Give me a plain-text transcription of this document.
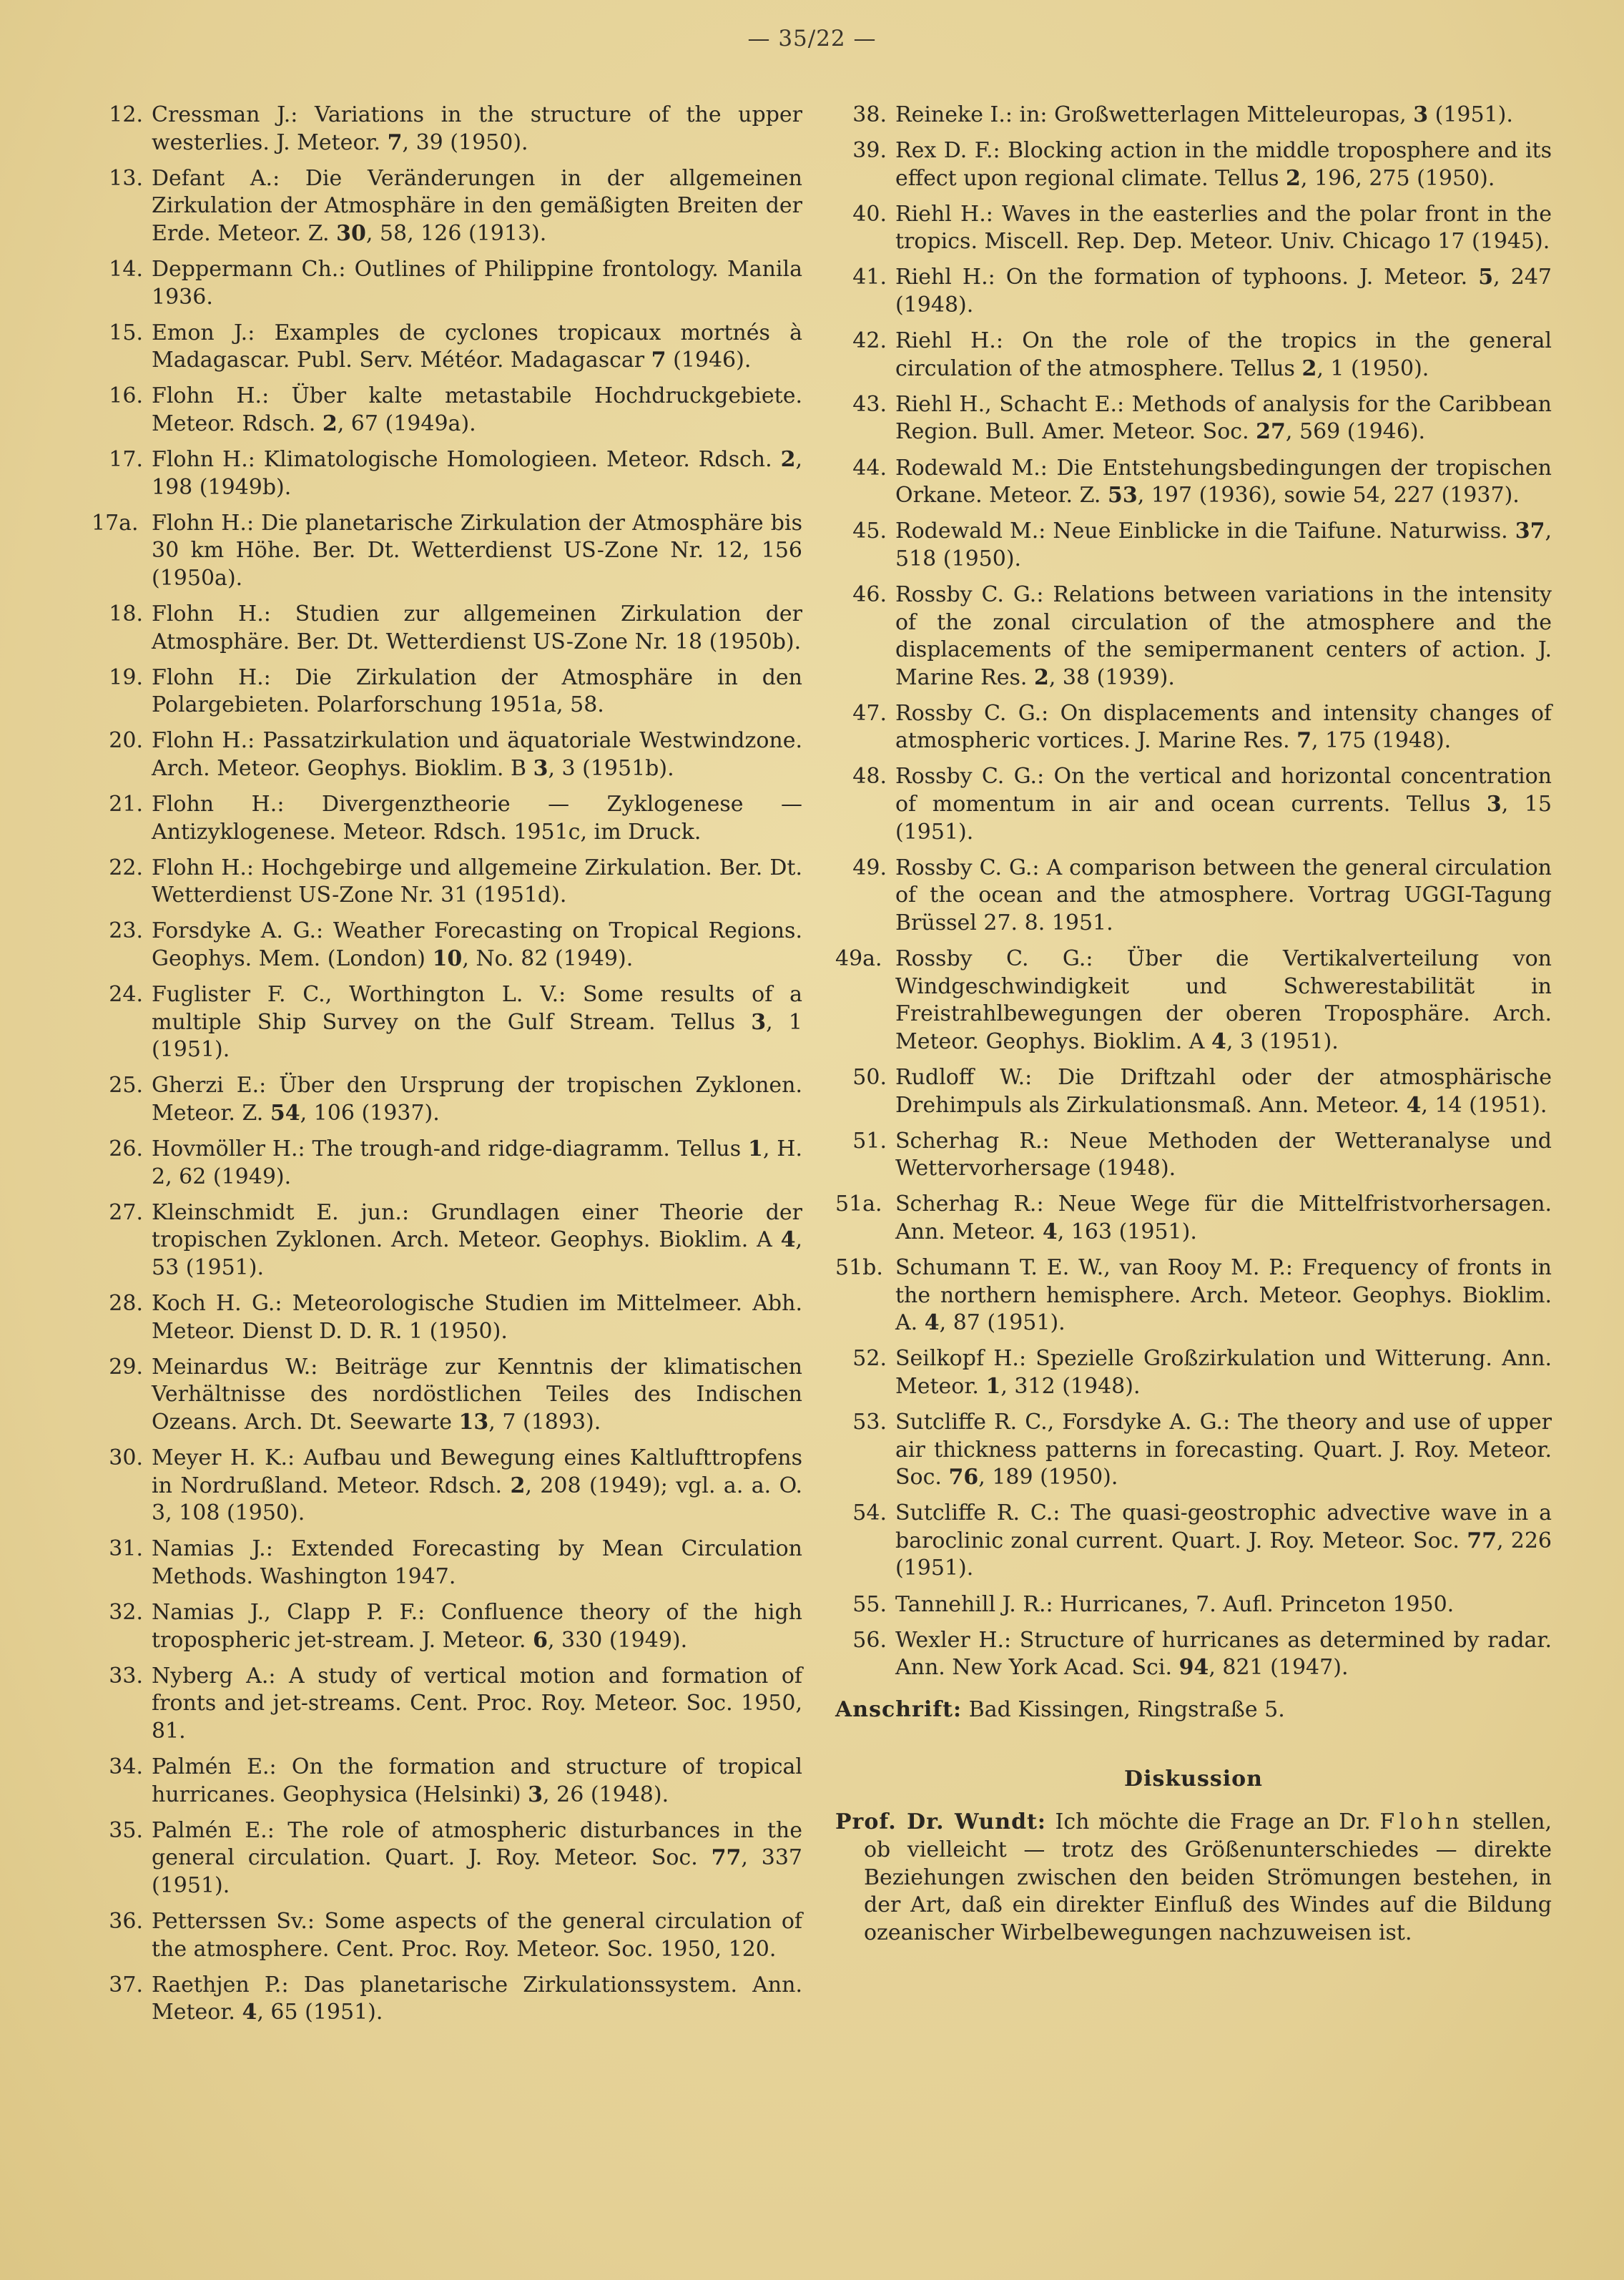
— 35/22 —
12. Cressman J.: Variations in the structure of the upper westerlies. J. Meteor. 7, 39 (1950).
13. Defant A.: Die Veränderungen in der allgemeinen Zirkulation der Atmosphäre in den gemäßigten Breiten der Erde. Meteor. Z. 30, 58, 126 (1913).
14. Deppermann Ch.: Outlines of Philippine frontology. Manila 1936.
15. Emon J.: Examples de cyclones tropicaux mortnés à Madagascar. Publ. Serv. Météor. Madagascar 7 (1946).
16. Flohn H.: Über kalte metastabile Hochdruckgebiete. Meteor. Rdsch. 2, 67 (1949a).
17. Flohn H.: Klimatologische Homologieen. Meteor. Rdsch. 2, 198 (1949b).
17a. Flohn H.: Die planetarische Zirkulation der Atmosphäre bis 30 km Höhe. Ber. Dt. Wetterdienst US-Zone Nr. 12, 156 (1950a).
18. Flohn H.: Studien zur allgemeinen Zirkulation der Atmosphäre. Ber. Dt. Wetterdienst US-Zone Nr. 18 (1950b).
19. Flohn H.: Die Zirkulation der Atmosphäre in den Polargebieten. Polarforschung 1951a, 58.
20. Flohn H.: Passatzirkulation und äquatoriale Westwindzone. Arch. Meteor. Geophys. Bioklim. B 3, 3 (1951b).
21. Flohn H.: Divergenztheorie — Zyklogenese — Antizyklogenese. Meteor. Rdsch. 1951c, im Druck.
22. Flohn H.: Hochgebirge und allgemeine Zirkulation. Ber. Dt. Wetterdienst US-Zone Nr. 31 (1951d).
23. Forsdyke A. G.: Weather Forecasting on Tropical Regions. Geophys. Mem. (London) 10, No. 82 (1949).
24. Fuglister F. C., Worthington L. V.: Some results of a multiple Ship Survey on the Gulf Stream. Tellus 3, 1 (1951).
25. Gherzi E.: Über den Ursprung der tropischen Zyklonen. Meteor. Z. 54, 106 (1937).
26. Hovmöller H.: The trough-and ridge-diagramm. Tellus 1, H. 2, 62 (1949).
27. Kleinschmidt E. jun.: Grundlagen einer Theorie der tropischen Zyklonen. Arch. Meteor. Geophys. Bioklim. A 4, 53 (1951).
28. Koch H. G.: Meteorologische Studien im Mittelmeer. Abh. Meteor. Dienst D. D. R. 1 (1950).
29. Meinardus W.: Beiträge zur Kenntnis der klimatischen Verhältnisse des nordöstlichen Teiles des Indischen Ozeans. Arch. Dt. Seewarte 13, 7 (1893).
30. Meyer H. K.: Aufbau und Bewegung eines Kaltlufttropfens in Nordrußland. Meteor. Rdsch. 2, 208 (1949); vgl. a. a. O. 3, 108 (1950).
31. Namias J.: Extended Forecasting by Mean Circulation Methods. Washington 1947.
32. Namias J., Clapp P. F.: Confluence theory of the high tropospheric jet-stream. J. Meteor. 6, 330 (1949).
33. Nyberg A.: A study of vertical motion and formation of fronts and jet-streams. Cent. Proc. Roy. Meteor. Soc. 1950, 81.
34. Palmén E.: On the formation and structure of tropical hurricanes. Geophysica (Helsinki) 3, 26 (1948).
35. Palmén E.: The role of atmospheric disturbances in the general circulation. Quart. J. Roy. Meteor. Soc. 77, 337 (1951).
36. Petterssen Sv.: Some aspects of the general circulation of the atmosphere. Cent. Proc. Roy. Meteor. Soc. 1950, 120.
37. Raethjen P.: Das planetarische Zirkulationssystem. Ann. Meteor. 4, 65 (1951).
38. Reineke I.: in: Großwetterlagen Mitteleuropas, 3 (1951).
39. Rex D. F.: Blocking action in the middle troposphere and its effect upon regional climate. Tellus 2, 196, 275 (1950).
40. Riehl H.: Waves in the easterlies and the polar front in the tropics. Miscell. Rep. Dep. Meteor. Univ. Chicago 17 (1945).
41. Riehl H.: On the formation of typhoons. J. Meteor. 5, 247 (1948).
42. Riehl H.: On the role of the tropics in the general circulation of the atmosphere. Tellus 2, 1 (1950).
43. Riehl H., Schacht E.: Methods of analysis for the Caribbean Region. Bull. Amer. Meteor. Soc. 27, 569 (1946).
44. Rodewald M.: Die Entstehungsbedingungen der tropischen Orkane. Meteor. Z. 53, 197 (1936), sowie 54, 227 (1937).
45. Rodewald M.: Neue Einblicke in die Taifune. Naturwiss. 37, 518 (1950).
46. Rossby C. G.: Relations between variations in the intensity of the zonal circulation of the atmosphere and the displacements of the semipermanent centers of action. J. Marine Res. 2, 38 (1939).
47. Rossby C. G.: On displacements and intensity changes of atmospheric vortices. J. Marine Res. 7, 175 (1948).
48. Rossby C. G.: On the vertical and horizontal concentration of momentum in air and ocean currents. Tellus 3, 15 (1951).
49. Rossby C. G.: A comparison between the general circulation of the ocean and the atmosphere. Vortrag UGGI-Tagung Brüssel 27. 8. 1951.
49a. Rossby C. G.: Über die Vertikalverteilung von Windgeschwindigkeit und Schwerestabilität in Freistrahlbewegungen der oberen Troposphäre. Arch. Meteor. Geophys. Bioklim. A 4, 3 (1951).
50. Rudloff W.: Die Driftzahl oder der atmosphärische Drehimpuls als Zirkulationsmaß. Ann. Meteor. 4, 14 (1951).
51. Scherhag R.: Neue Methoden der Wetteranalyse und Wettervorhersage (1948).
51a. Scherhag R.: Neue Wege für die Mittelfristvorhersagen. Ann. Meteor. 4, 163 (1951).
51b. Schumann T. E. W., van Rooy M. P.: Frequency of fronts in the northern hemisphere. Arch. Meteor. Geophys. Bioklim. A. 4, 87 (1951).
52. Seilkopf H.: Spezielle Großzirkulation und Witterung. Ann. Meteor. 1, 312 (1948).
53. Sutcliffe R. C., Forsdyke A. G.: The theory and use of upper air thickness patterns in forecasting. Quart. J. Roy. Meteor. Soc. 76, 189 (1950).
54. Sutcliffe R. C.: The quasi-geostrophic advective wave in a baroclinic zonal current. Quart. J. Roy. Meteor. Soc. 77, 226 (1951).
55. Tannehill J. R.: Hurricanes, 7. Aufl. Princeton 1950.
56. Wexler H.: Structure of hurricanes as determined by radar. Ann. New York Acad. Sci. 94, 821 (1947).
Anschrift: Bad Kissingen, Ringstraße 5.
Diskussion
Prof. Dr. Wundt: Ich möchte die Frage an Dr. Flohn stellen, ob vielleicht — trotz des Größenunterschiedes — direkte Beziehungen zwischen den beiden Strömungen bestehen, in der Art, daß ein direkter Einfluß des Windes auf die Bildung ozeanischer Wirbelbewegungen nachzuweisen ist.
